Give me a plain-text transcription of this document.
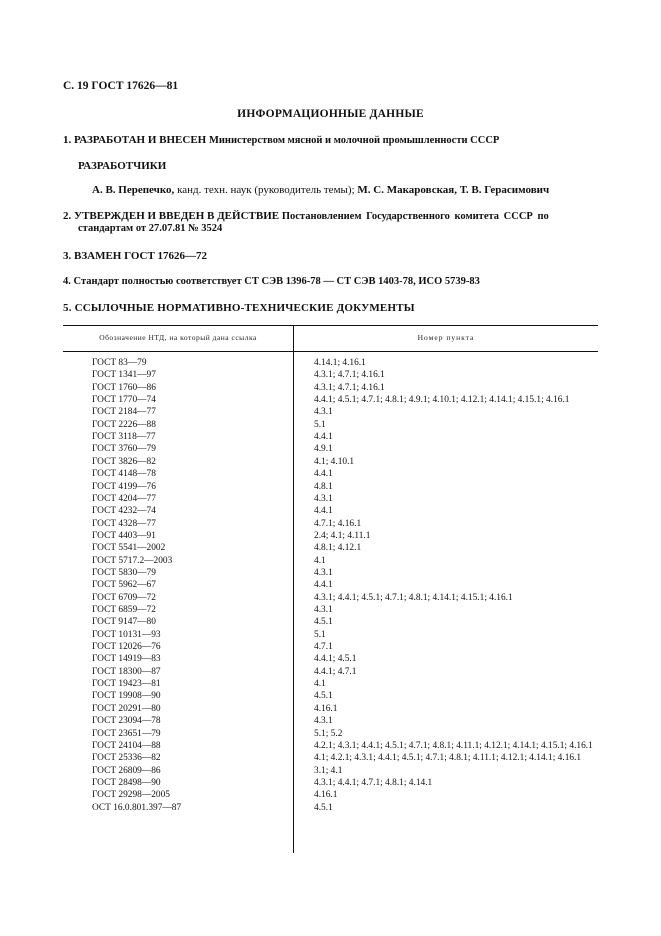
С. 19 ГОСТ 17626—81
ИНФОРМАЦИОННЫЕ ДАННЫЕ
1. РАЗРАБОТАН И ВНЕСЕН Министерством мясной и молочной промышленности СССР
РАЗРАБОТЧИКИ
А. В. Перепечко, канд. техн. наук (руководитель темы); М. С. Макаровская, Т. В. Герасимович
2. УТВЕРЖДЕН И ВВЕДЕН В ДЕЙСТВИЕ Постановлением Государственного комитета СССР по
стандартам от 27.07.81 № 3524
3. ВЗАМЕН ГОСТ 17626—72
4. Стандарт полностью соответствует СТ СЭВ 1396-78 — СТ СЭВ 1403-78, ИСО 5739-83
5. ССЫЛОЧНЫЕ НОРМАТИВНО-ТЕХНИЧЕСКИЕ ДОКУМЕНТЫ
Обозначение НТД, на который дана ссылка	Номер пункта
ГОСТ 83—79	4.14.1; 4.16.1
ГОСТ 1341—97	4.3.1; 4.7.1; 4.16.1
ГОСТ 1760—86	4.3.1; 4.7.1; 4.16.1
ГОСТ 1770—74	4.4.1; 4.5.1; 4.7.1; 4.8.1; 4.9.1; 4.10.1; 4.12.1; 4.14.1; 4.15.1; 4.16.1
ГОСТ 2184—77	4.3.1
ГОСТ 2226—88	5.1
ГОСТ 3118—77	4.4.1
ГОСТ 3760—79	4.9.1
ГОСТ 3826—82	4.1; 4.10.1
ГОСТ 4148—78	4.4.1
ГОСТ 4199—76	4.8.1
ГОСТ 4204—77	4.3.1
ГОСТ 4232—74	4.4.1
ГОСТ 4328—77	4.7.1; 4.16.1
ГОСТ 4403—91	2.4; 4.1; 4.11.1
ГОСТ 5541—2002	4.8.1; 4.12.1
ГОСТ 5717.2—2003	4.1
ГОСТ 5830—79	4.3.1
ГОСТ 5962—67	4.4.1
ГОСТ 6709—72	4.3.1; 4.4.1; 4.5.1; 4.7.1; 4.8.1; 4.14.1; 4.15.1; 4.16.1
ГОСТ 6859—72	4.3.1
ГОСТ 9147—80	4.5.1
ГОСТ 10131—93	5.1
ГОСТ 12026—76	4.7.1
ГОСТ 14919—83	4.4.1; 4.5.1
ГОСТ 18300—87	4.4.1; 4.7.1
ГОСТ 19423—81	4.1
ГОСТ 19908—90	4.5.1
ГОСТ 20291—80	4.16.1
ГОСТ 23094—78	4.3.1
ГОСТ 23651—79	5.1; 5.2
ГОСТ 24104—88	4.2.1; 4.3.1; 4.4.1; 4.5.1; 4.7.1; 4.8.1; 4.11.1; 4.12.1; 4.14.1; 4.15.1; 4.16.1
ГОСТ 25336—82	4.1; 4.2.1; 4.3.1; 4.4.1; 4.5.1; 4.7.1; 4.8.1; 4.11.1; 4.12.1; 4.14.1; 4.16.1
ГОСТ 26809—86	3.1; 4.1
ГОСТ 28498—90	4.3.1; 4.4.1; 4.7.1; 4.8.1; 4.14.1
ГОСТ 29298—2005	4.16.1
ОСТ 16.0.801.397—87	4.5.1
